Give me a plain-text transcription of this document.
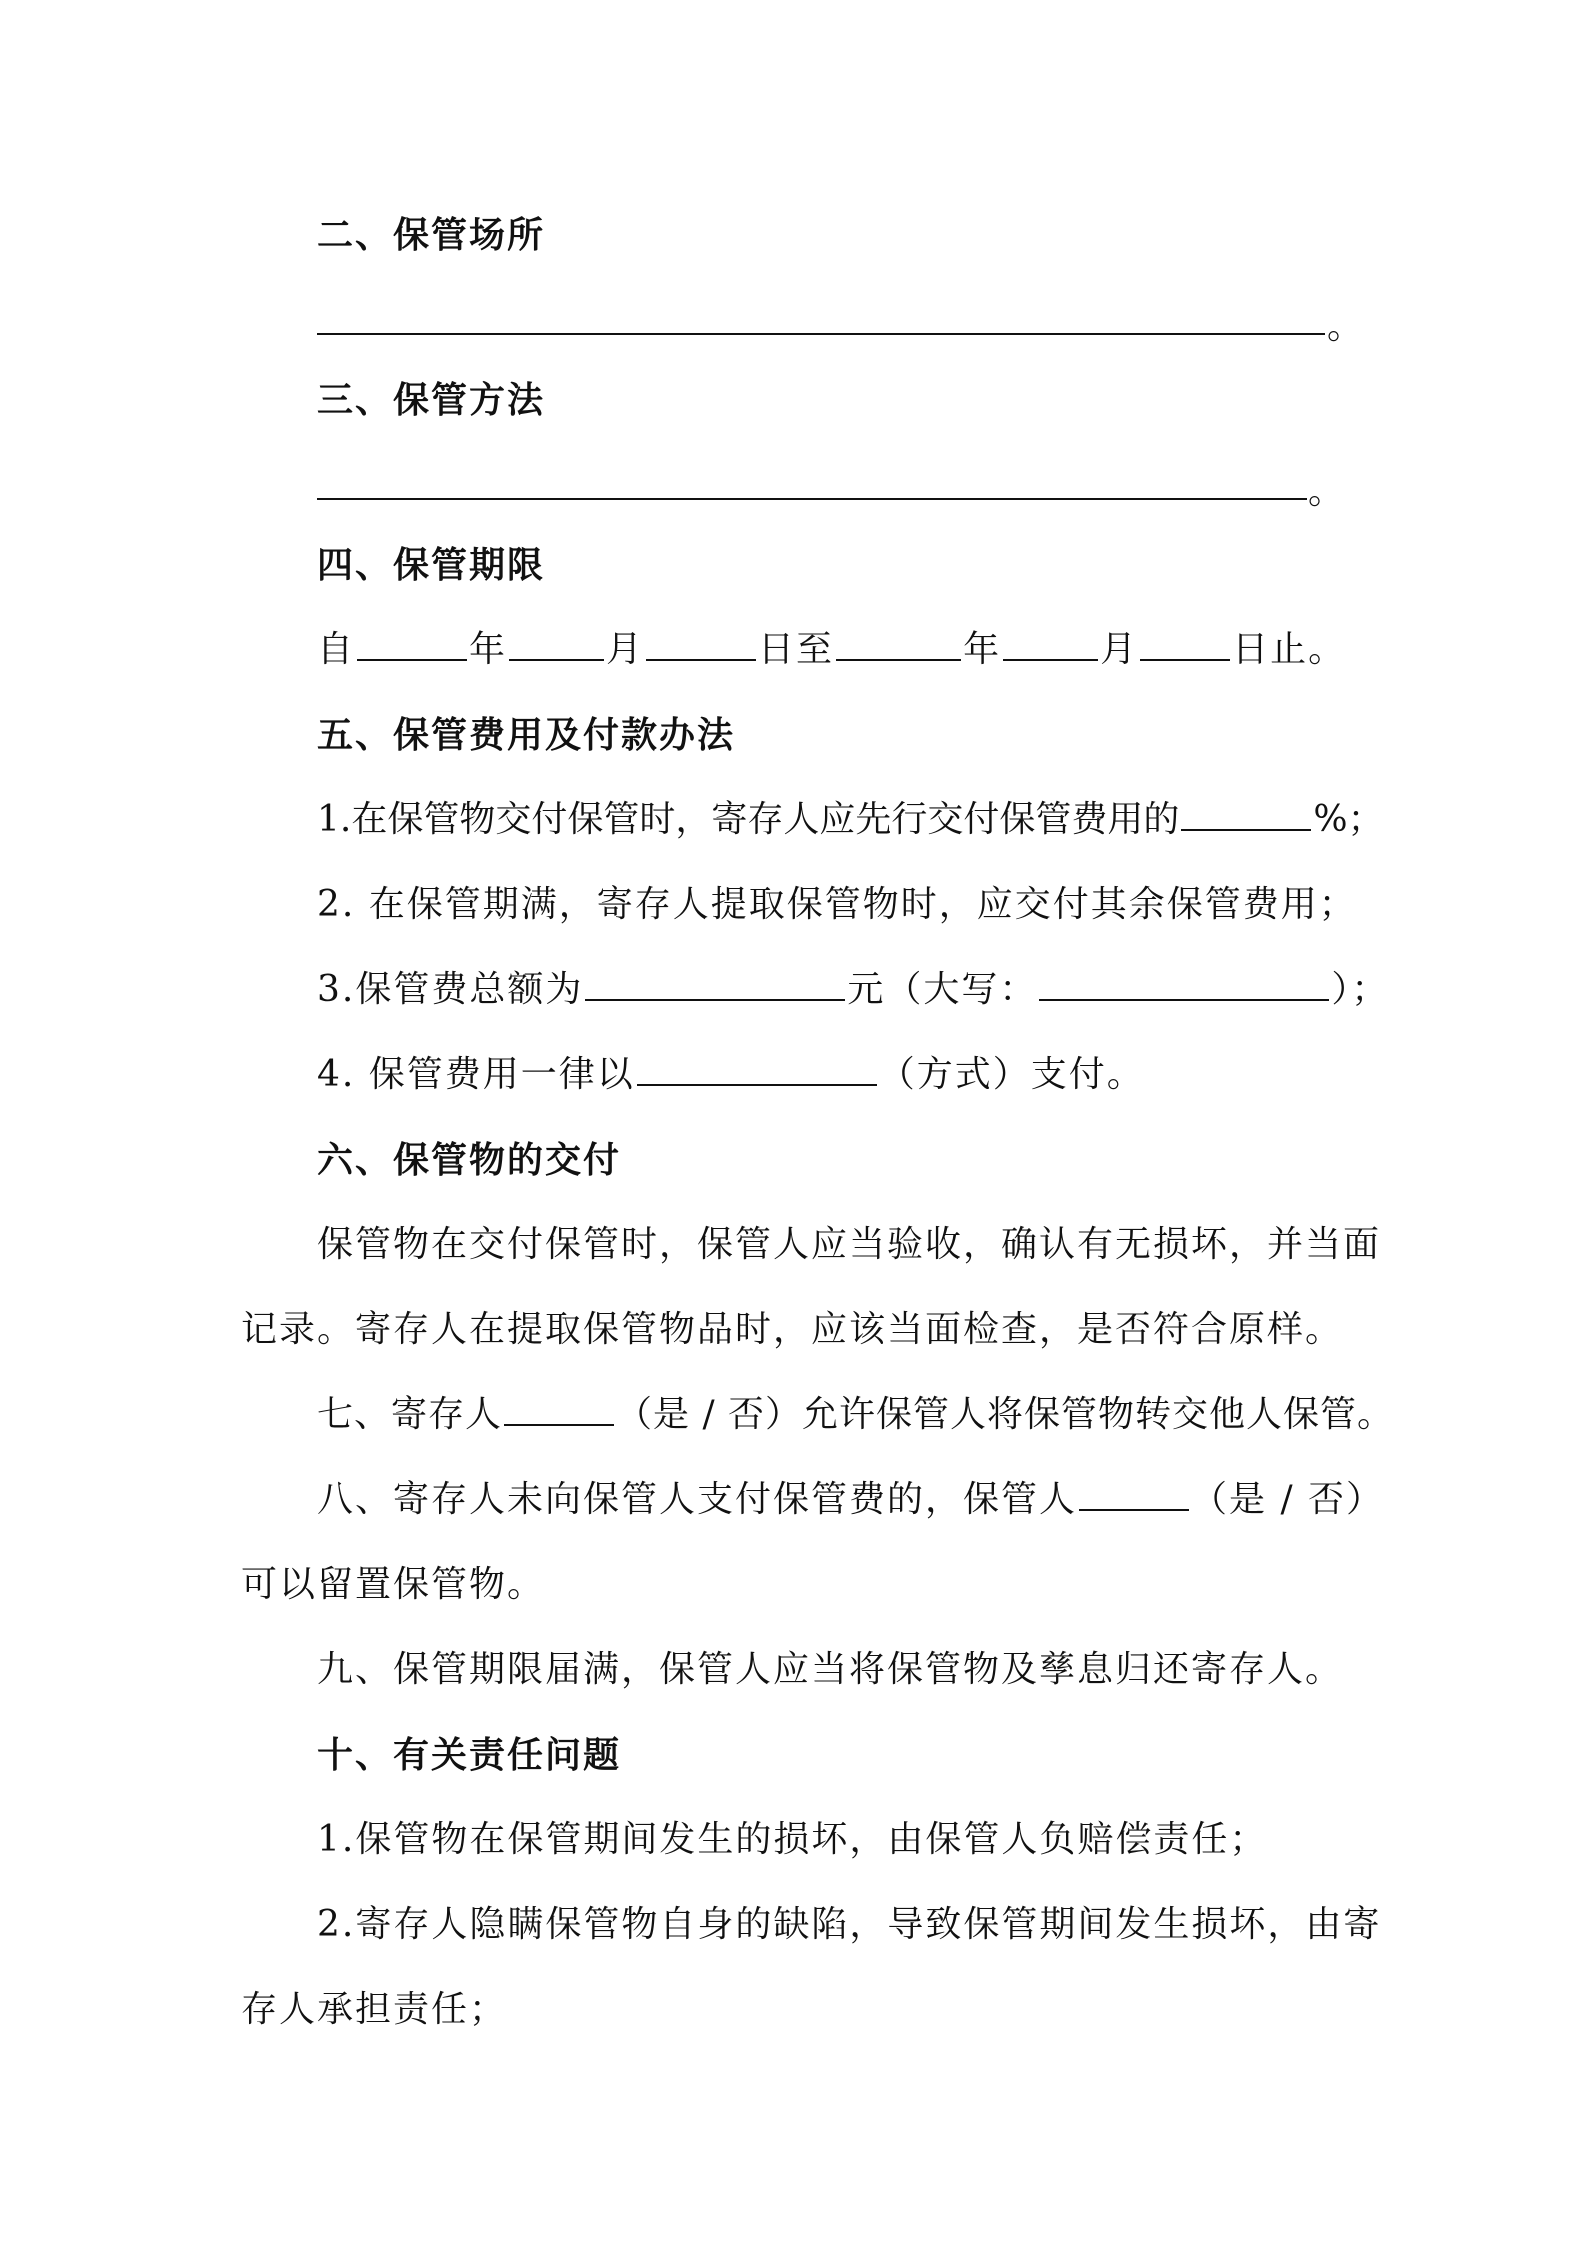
二、保管场所
。
三、保管方法
。
四、保管期限
自	年	月	日至	年	月	日止。
五、保管费用及付款办法
1.在保管物交付保管时，寄存人应先行交付保管费用的	%；
2. 在保管期满，寄存人提取保管物时，应交付其余保管费用；
3.保管费总额为	元（大写：	）；
4. 保管费用一律以	（方式）支付。
六、保管物的交付
保管物在交付保管时，保管人应当验收，确认有无损坏，并当面
记录。寄存人在提取保管物品时，应该当面检查，是否符合原样。
七、寄存人	（是 / 否）允许保管人将保管物转交他人保管。
八、寄存人未向保管人支付保管费的，保管人	（是 / 否）
可以留置保管物。
九、保管期限届满，保管人应当将保管物及孳息归还寄存人。
十、有关责任问题
1.保管物在保管期间发生的损坏，由保管人负赔偿责任；
2.寄存人隐瞒保管物自身的缺陷，导致保管期间发生损坏，由寄
存人承担责任；
